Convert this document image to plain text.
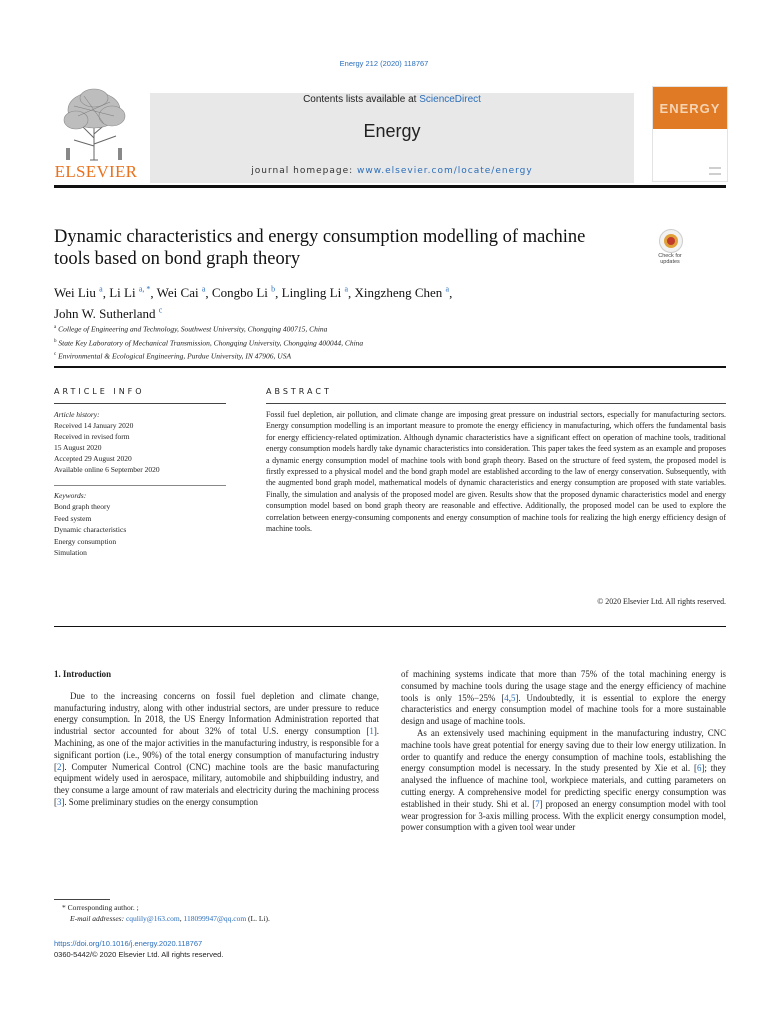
Energy 212 (2020) 118767
ELSEVIER
Contents lists available at ScienceDirect
Energy
journal homepage: www.elsevier.com/locate/energy
ENERGY
Dynamic characteristics and energy consumption modelling of machine tools based on bond graph theory	Check for updates
Wei Liu $^a$, Li Li $^{a, *}$, Wei Cai $^a$, Congbo Li $^b$, Lingling Li $^a$, Xingzheng Chen $^a$,
John W. Sutherland $^c$
$^a$ College of Engineering and Technology, Southwest University, Chongqing 400715, China
$^b$ State Key Laboratory of Mechanical Transmission, Chongqing University, Chongqing 400044, China
$^c$ Environmental & Ecological Engineering, Purdue University, IN 47906, USA
ARTICLE INFO	ABSTRACT
Article history:
Received 14 January 2020
Received in revised form
15 August 2020
Accepted 29 August 2020
Available online 6 September 2020
Keywords:
Bond graph theory
Feed system
Dynamic characteristics
Energy consumption
Simulation
Fossil fuel depletion, air pollution, and climate change are imposing great pressure on industrial sectors, especially for manufacturing sectors. Energy consumption modelling is an important measure to promote the energy efficiency in manufacturing, which offers the fundamental basis for energy efficiency-related optimization. Although dynamic characteristics have a significant effect on operation of machine tools, traditional energy consumption models hardly take dynamic characteristics into consideration. This paper takes the feed system as an example and proposes a dynamic energy consumption model of machine tools with bond graph theory. Based on the structure of feed system, the proposed model is firstly expressed to a physical model and the bond graph model are established according to the law of energy conservation. Subsequently, with the augmented bond graph model, mathematical models of dynamic characteristics and energy consumption are proposed with state variables. Finally, the simulation and analysis of the proposed model are given. Results show that the proposed dynamic characteristics model and energy consumption model based on bond graph theory are reasonable and effective. Additionally, the proposed model can be used to explore the correlation between energy-consuming components and energy consumption of machine tools for realizing the high energy efficiency design of machine tools.
© 2020 Elsevier Ltd. All rights reserved.
1. Introduction

Due to the increasing concerns on fossil fuel depletion and climate change, manufacturing industry, along with other industrial sectors, are under pressure to reduce energy consumption. In 2018, the US Energy Information Administration reported that industrial sector accounted for about 32% of total U.S. energy consumption [1]. Machining, as one of the major activities in the manufacturing industry, is responsible for a significant portion (i.e., 90%) of the total energy consumption of manufacturing industry [2]. Computer Numerical Control (CNC) machine tools are the basic manufacturing equipment widely used in aerospace, military, automobile and shipbuilding industry, and they consume a large amount of raw materials and electricity during the machining process [3]. Some preliminary studies on the energy consumption

of machining systems indicate that more than 75% of the total machining energy is consumed by machine tools during the usage stage and the energy efficiency of machine tools is only 15%−25% [4,5]. Undoubtedly, it is essential to explore the energy characteristics and energy consumption model of machine tools for a more sustainable design and usage of machine tools.

As an extensively used machining equipment in the manufacturing industry, CNC machine tools have great potential for energy saving due to their low energy utilization. In order to quantify and reduce the energy consumption of machine tools, establishing the energy consumption model is necessary. In the study presented by Xie et al. [6]; they analysed the influence of machine tool, workpiece materials, and cutting parameters on cutting energy. A comprehensive model for predicting specific energy consumption was established in their study. Shi et al. [7] proposed an energy consumption model with tool wear progression for 3-axis milling process. With the explicit energy consumption model, power consumption with a given tool wear under

* Corresponding author. ;
E-mail addresses: cqulily@163.com, 118099947@qq.com (L. Li).
https://doi.org/10.1016/j.energy.2020.118767
0360-5442/© 2020 Elsevier Ltd. All rights reserved.
